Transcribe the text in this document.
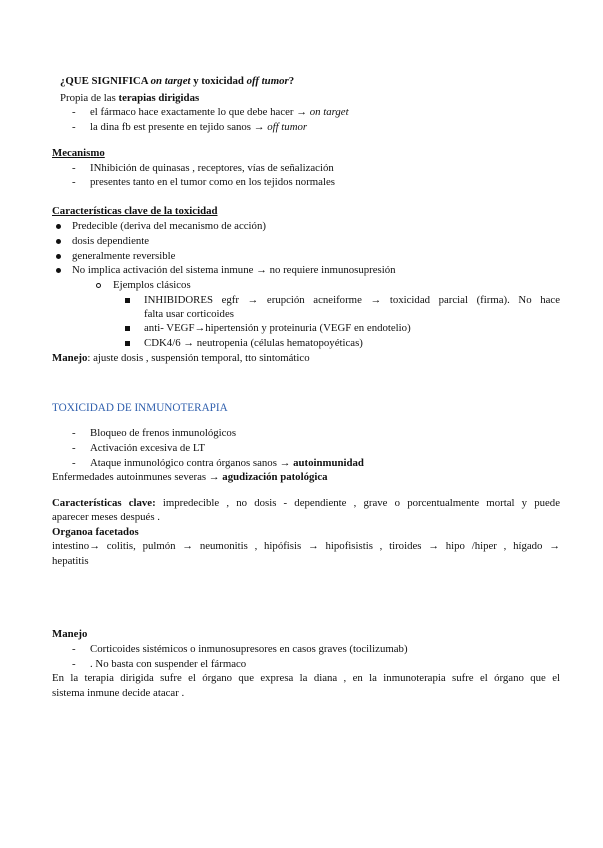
¿QUE SIGNIFICA on target y toxicidad off tumor?
Propia de las terapias dirigidas
- el fármaco hace exactamente lo que debe hacer → on target
- la dina fb est presente en tejido sanos → off tumor
Mecanismo
- INhibición de quinasas , receptores, vías de señalización
- presentes tanto en el tumor como en los tejidos normales
Características clave de la toxicidad
Predecible (deriva del mecanismo de acción)
dosis dependiente
generalmente reversible
No implica activación del sistema inmune → no requiere inmunosupresión
Ejemplos clásicos
INHIBIDORES egfr → erupción acneiforme → toxicidad parcial (firma). No hace
falta usar corticoides
anti- VEGF→hipertensión y proteinuria (VEGF en endotelio)
CDK4/6 → neutropenia (células hematopoyéticas)
Manejo: ajuste dosis , suspensión temporal, tto sintomático
TOXICIDAD DE INMUNOTERAPIA
- Bloqueo de frenos inmunológicos
- Activación excesiva de LT
- Ataque inmunológico contra órganos sanos → autoinmunidad
Enfermedades autoinmunes severas → agudización patológica
Características clave: impredecible , no dosis - dependiente , grave o porcentualmente mortal y puede
aparecer meses después .
Organoa facetados
intestino→ colitis, pulmón → neumonitis , hipófisis → hipofisistis , tiroides → hipo /hiper , hígado →
hepatitis
Manejo
- Corticoides sistémicos o inmunosupresores en casos graves (tocilizumab)
- . No basta con suspender el fármaco
En la terapia dirigida sufre el órgano que expresa la diana , en la inmunoterapia sufre el órgano que el
sistema inmune decide atacar .
